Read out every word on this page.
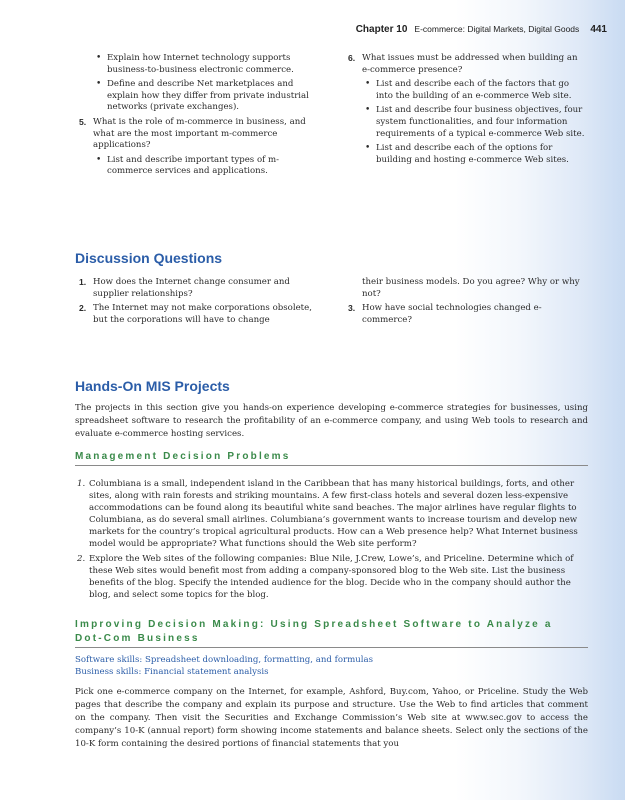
Chapter 10 E-commerce: Digital Markets, Digital Goods 441
• Explain how Internet technology supports business-to-business electronic commerce.
• Define and describe Net marketplaces and explain how they differ from private industrial networks (private exchanges).
5. What is the role of m-commerce in business, and what are the most important m-commerce applications?
• List and describe important types of m-commerce services and applications.
6. What issues must be addressed when building an e-commerce presence?
• List and describe each of the factors that go into the building of an e-commerce Web site.
• List and describe four business objectives, four system functionalities, and four information requirements of a typical e-commerce Web site.
• List and describe each of the options for building and hosting e-commerce Web sites.
Discussion Questions
1. How does the Internet change consumer and supplier relationships?
2. The Internet may not make corporations obsolete, but the corporations will have to change
their business models. Do you agree? Why or why not?
3. How have social technologies changed e-commerce?
Hands-On MIS Projects
The projects in this section give you hands-on experience developing e-commerce strategies for businesses, using spreadsheet software to research the profitability of an e-commerce company, and using Web tools to research and evaluate e-commerce hosting services.
Management Decision Problems
1. Columbiana is a small, independent island in the Caribbean that has many historical buildings, forts, and other sites, along with rain forests and striking mountains. A few first-class hotels and several dozen less-expensive accommodations can be found along its beautiful white sand beaches. The major airlines have regular flights to Columbiana, as do several small airlines. Columbiana’s government wants to increase tourism and develop new markets for the country’s tropical agricultural products. How can a Web presence help? What Internet business model would be appropriate? What functions should the Web site perform?
2. Explore the Web sites of the following companies: Blue Nile, J.Crew, Lowe’s, and Priceline. Determine which of these Web sites would benefit most from adding a company-sponsored blog to the Web site. List the business benefits of the blog. Specify the intended audience for the blog. Decide who in the company should author the blog, and select some topics for the blog.
Improving Decision Making: Using Spreadsheet Software to Analyze a
Dot-Com Business
Software skills: Spreadsheet downloading, formatting, and formulas
Business skills: Financial statement analysis
Pick one e-commerce company on the Internet, for example, Ashford, Buy.com, Yahoo, or Priceline. Study the Web pages that describe the company and explain its purpose and structure. Use the Web to find articles that comment on the company. Then visit the Securities and Exchange Commission’s Web site at www.sec.gov to access the company’s 10-K (annual report) form showing income statements and balance sheets. Select only the sections of the 10-K form containing the desired portions of financial statements that you
